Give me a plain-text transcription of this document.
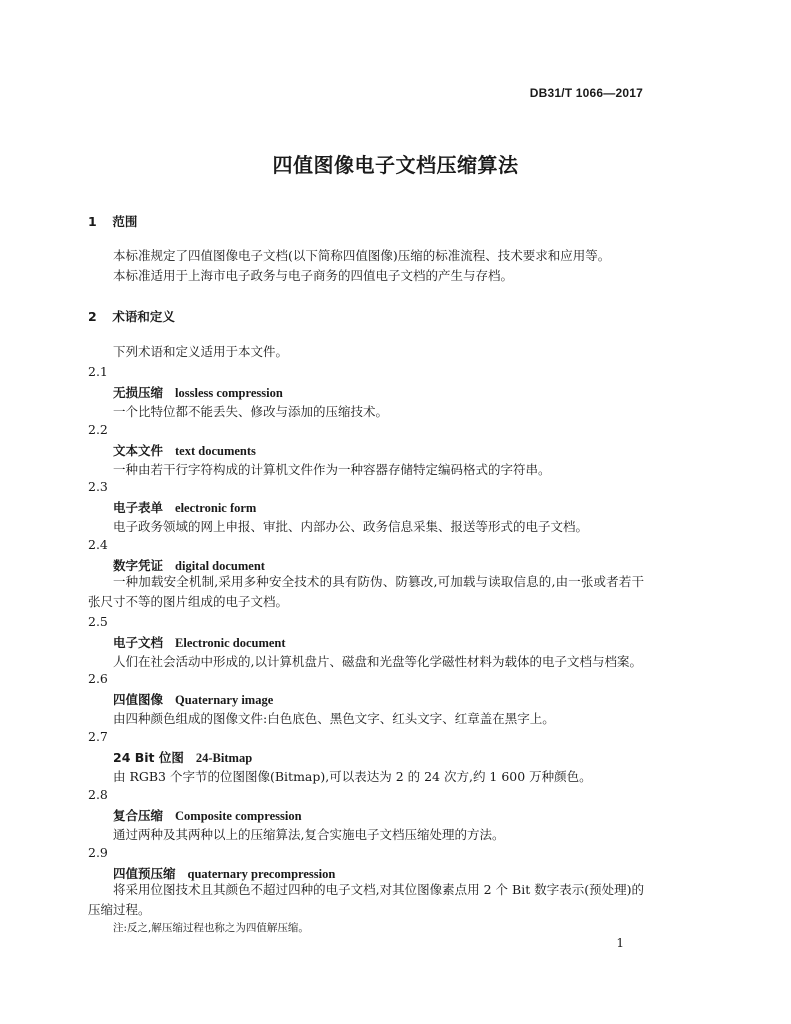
DB31/T 1066—2017
四值图像电子文档压缩算法
1 范围
本标准规定了四值图像电子文档(以下简称四值图像)压缩的标准流程、技术要求和应用等。
本标准适用于上海市电子政务与电子商务的四值电子文档的产生与存档。
2 术语和定义
下列术语和定义适用于本文件。
2.1
无损压缩 lossless compression
一个比特位都不能丢失、修改与添加的压缩技术。
2.2
文本文件 text documents
一种由若干行字符构成的计算机文件作为一种容器存储特定编码格式的字符串。
2.3
电子表单 electronic form
电子政务领域的网上申报、审批、内部办公、政务信息采集、报送等形式的电子文档。
2.4
数字凭证 digital document
一种加载安全机制,采用多种安全技术的具有防伪、防篡改,可加载与读取信息的,由一张或者若干张尺寸不等的图片组成的电子文档。
2.5
电子文档 Electronic document
人们在社会活动中形成的,以计算机盘片、磁盘和光盘等化学磁性材料为载体的电子文档与档案。
2.6
四值图像 Quaternary image
由四种颜色组成的图像文件:白色底色、黑色文字、红头文字、红章盖在黑字上。
2.7
24 Bit 位图 24-Bitmap
由 RGB3 个字节的位图图像(Bitmap),可以表达为 2 的 24 次方,约 1 600 万种颜色。
2.8
复合压缩 Composite compression
通过两种及其两种以上的压缩算法,复合实施电子文档压缩处理的方法。
2.9
四值预压缩 quaternary precompression
将采用位图技术且其颜色不超过四种的电子文档,对其位图像素点用 2 个 Bit 数字表示(预处理)的压缩过程。
注:反之,解压缩过程也称之为四值解压缩。
1
